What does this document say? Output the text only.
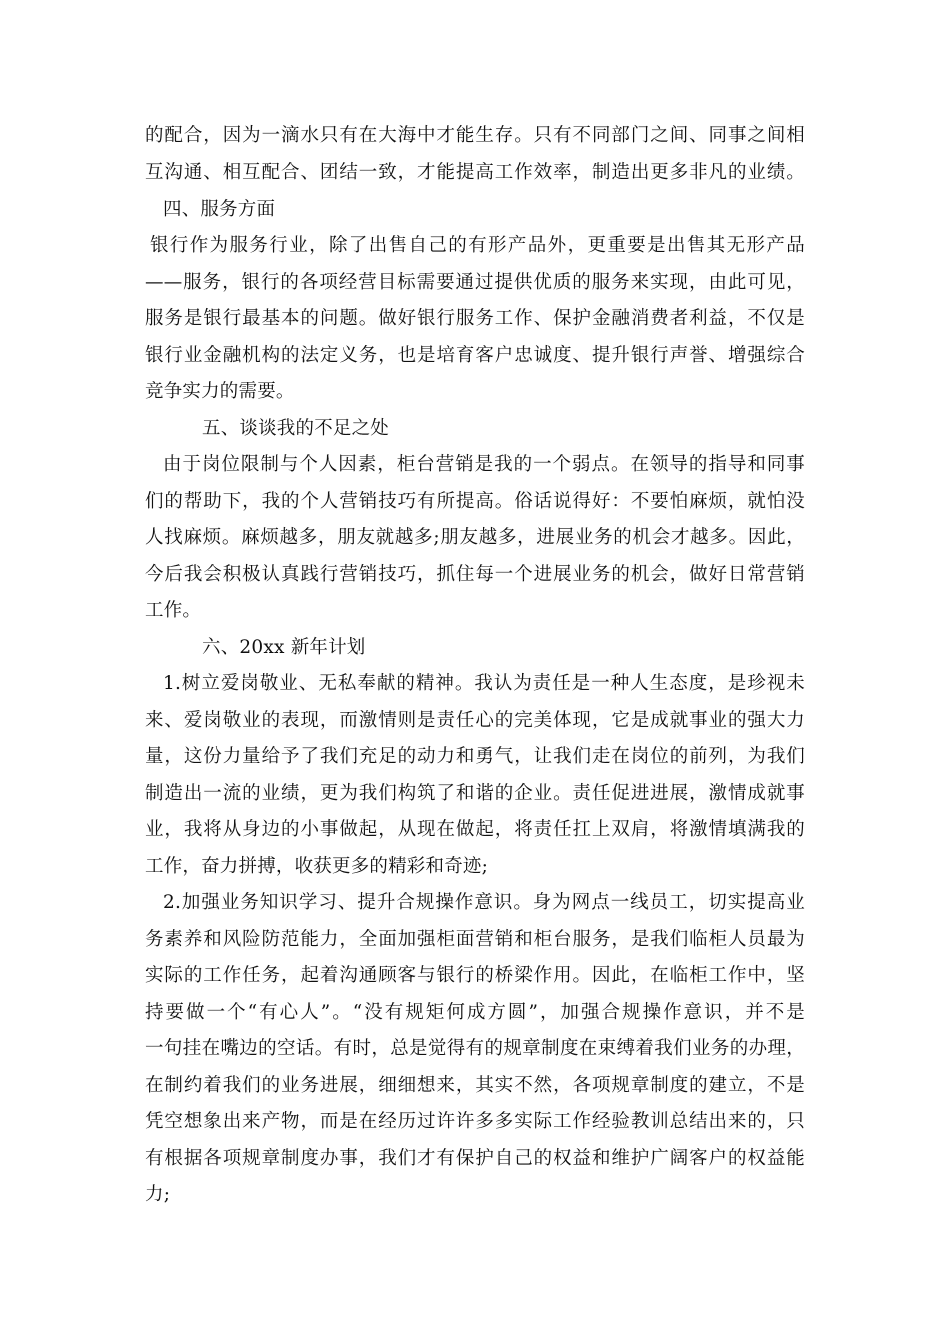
的配合，因为一滴水只有在大海中才能生存。只有不同部门之间、同事之间相
互沟通、相互配合、团结一致，才能提高工作效率，制造出更多非凡的业绩。
四、服务方面
银行作为服务行业，除了出售自己的有形产品外，更重要是出售其无形产品
——服务，银行的各项经营目标需要通过提供优质的服务来实现，由此可见，
服务是银行最基本的问题。做好银行服务工作、保护金融消费者利益，不仅是
银行业金融机构的法定义务，也是培育客户忠诚度、提升银行声誉、增强综合
竞争实力的需要。
五、谈谈我的不足之处
由于岗位限制与个人因素，柜台营销是我的一个弱点。在领导的指导和同事
们的帮助下，我的个人营销技巧有所提高。俗话说得好：不要怕麻烦，就怕没
人找麻烦。麻烦越多，朋友就越多;朋友越多，进展业务的机会才越多。因此，
今后我会积极认真践行营销技巧，抓住每一个进展业务的机会，做好日常营销
工作。
六、20xx 新年计划
1.树立爱岗敬业、无私奉献的精神。我认为责任是一种人生态度，是珍视未
来、爱岗敬业的表现，而激情则是责任心的完美体现，它是成就事业的强大力
量，这份力量给予了我们充足的动力和勇气，让我们走在岗位的前列，为我们
制造出一流的业绩，更为我们构筑了和谐的企业。责任促进进展，激情成就事
业，我将从身边的小事做起，从现在做起，将责任扛上双肩，将激情填满我的
工作，奋力拼搏，收获更多的精彩和奇迹;
2.加强业务知识学习、提升合规操作意识。身为网点一线员工，切实提高业
务素养和风险防范能力，全面加强柜面营销和柜台服务，是我们临柜人员最为
实际的工作任务，起着沟通顾客与银行的桥梁作用。因此，在临柜工作中，坚
持要做一个“有心人”。“没有规矩何成方圆”，加强合规操作意识，并不是
一句挂在嘴边的空话。有时，总是觉得有的规章制度在束缚着我们业务的办理，
在制约着我们的业务进展，细细想来，其实不然，各项规章制度的建立，不是
凭空想象出来产物，而是在经历过许许多多实际工作经验教训总结出来的，只
有根据各项规章制度办事，我们才有保护自己的权益和维护广阔客户的权益能
力;
